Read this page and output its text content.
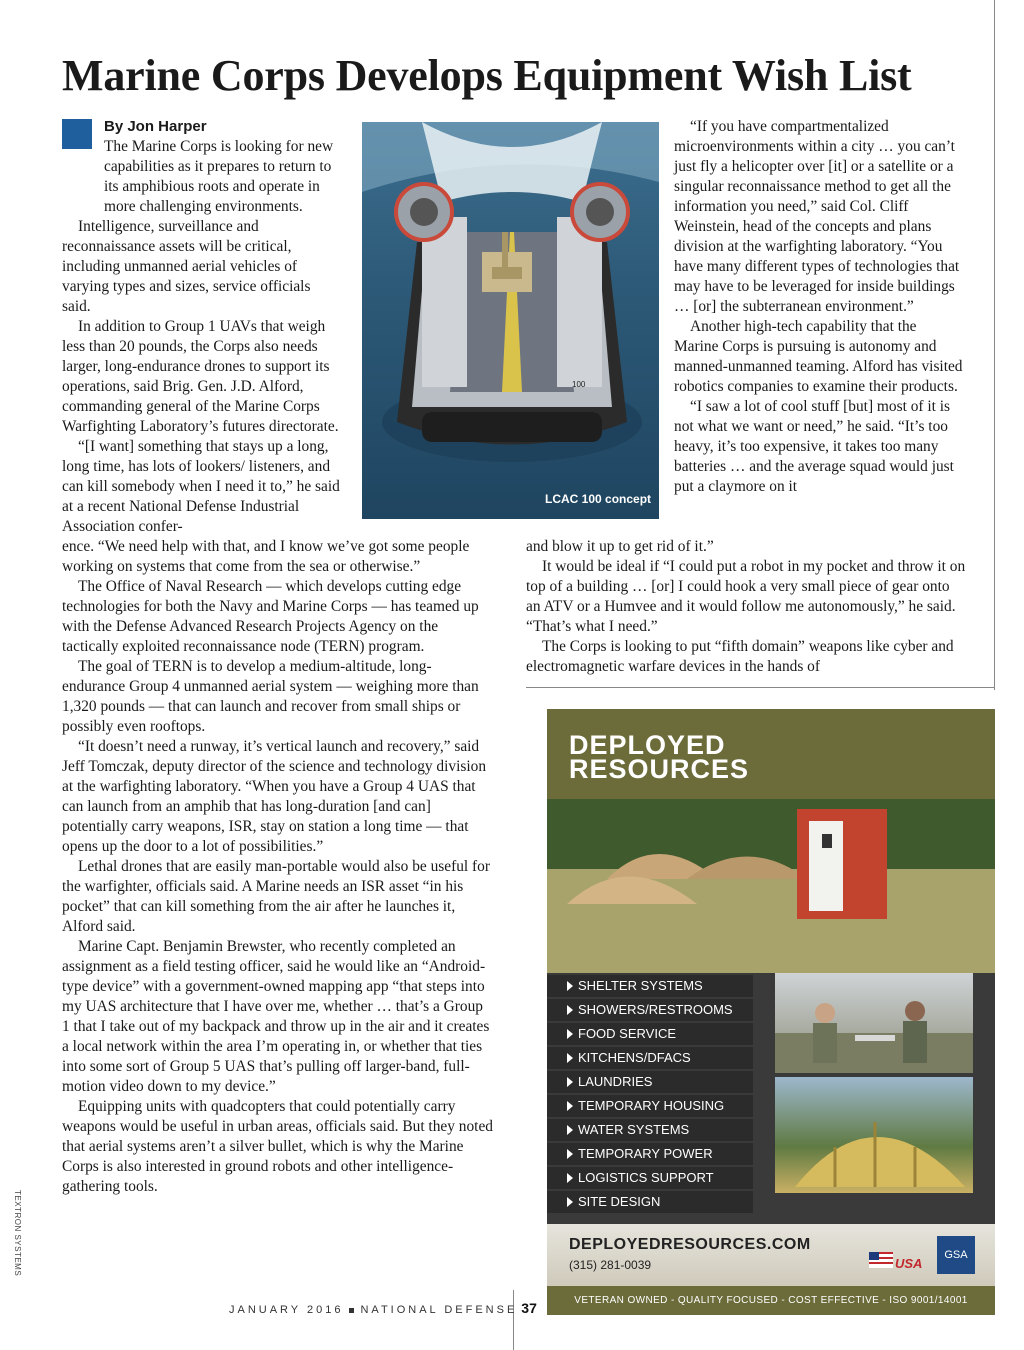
Marine Corps Develops Equipment Wish List
By Jon Harper

The Marine Corps is looking for new capabilities as it prepares to return to its amphibious roots and operate in more challenging environments.

Intelligence, surveillance and reconnaissance assets will be critical, including unmanned aerial vehicles of varying types and sizes, service officials said.

In addition to Group 1 UAVs that weigh less than 20 pounds, the Corps also needs larger, long-endurance drones to support its operations, said Brig. Gen. J.D. Alford, commanding general of the Marine Corps Warfighting Laboratory’s futures directorate.

“[I want] something that stays up a long, long time, has lots of lookers/ listeners, and can kill somebody when I need it to,” he said at a recent National Defense Industrial Association confer-

ence. “We need help with that, and I know we’ve got some people working on systems that come from the sea or otherwise.”

The Office of Naval Research — which develops cutting edge technologies for both the Navy and Marine Corps — has teamed up with the Defense Advanced Research Projects Agency on the tactically exploited reconnaissance node (TERN) program.

The goal of TERN is to develop a medium-altitude, long-endurance Group 4 unmanned aerial system — weighing more than 1,320 pounds — that can launch and recover from small ships or possibly even rooftops.

“It doesn’t need a runway, it’s vertical launch and recovery,” said Jeff Tomczak, deputy director of the science and technology division at the warfighting laboratory. “When you have a Group 4 UAS that can launch from an amphib that has long-duration [and can] potentially carry weapons, ISR, stay on station a long time — that opens up the door to a lot of possibilities.”

Lethal drones that are easily man-portable would also be useful for the warfighter, officials said. A Marine needs an ISR asset “in his pocket” that can kill something from the air after he launches it, Alford said.

Marine Capt. Benjamin Brewster, who recently completed an assignment as a field testing officer, said he would like an “Android-type device” with a government-owned mapping app “that steps into my UAS architecture that I have over me, whether … that’s a Group 1 that I take out of my backpack and throw up in the air and it creates a local network within the area I’m operating in, or whether that ties into some sort of Group 5 UAS that’s pulling off larger-band, full-motion video down to my device.”

Equipping units with quadcopters that could potentially carry weapons would be useful in urban areas, officials said. But they noted that aerial systems aren’t a silver bullet, which is why the Marine Corps is also interested in ground robots and other intelligence-gathering tools.

100
LCAC 100 concept

“If you have compartmentalized microenvironments within a city … you can’t just fly a helicopter over [it] or a satellite or a singular reconnaissance method to get all the information you need,” said Col. Cliff Weinstein, head of the concepts and plans division at the warfighting laboratory. “You have many different types of technologies that may have to be leveraged for inside buildings … [or] the subterranean environment.”

Another high-tech capability that the Marine Corps is pursuing is autonomy and manned-unmanned teaming. Alford has visited robotics companies to examine their products.

“I saw a lot of cool stuff [but] most of it is not what we want or need,” he said. “It’s too heavy, it’s too expensive, it takes too many batteries … and the average squad would just put a claymore on it

and blow it up to get rid of it.”

It would be ideal if “I could put a robot in my pocket and throw it on top of a building … [or] I could hook a very small piece of gear onto an ATV or a Humvee and it would follow me autonomously,” he said. “That’s what I need.”

The Corps is looking to put “fifth domain” weapons like cyber and electromagnetic warfare devices in the hands of

DEPLOYED
RESOURCES
SHELTER SYSTEMS
SHOWERS/RESTROOMS
FOOD SERVICE
KITCHENS/DFACS
LAUNDRIES
TEMPORARY HOUSING
WATER SYSTEMS
TEMPORARY POWER
LOGISTICS SUPPORT
SITE DESIGN
DEPLOYEDRESOURCES.COM
(315) 281-0039	USA
GSA
VETERAN OWNED - QUALITY FOCUSED - COST EFFECTIVE - ISO 9001/14001 CERTIFIED
TEXTRON SYSTEMS
JANUARY 2016 NATIONAL DEFENSE 37
